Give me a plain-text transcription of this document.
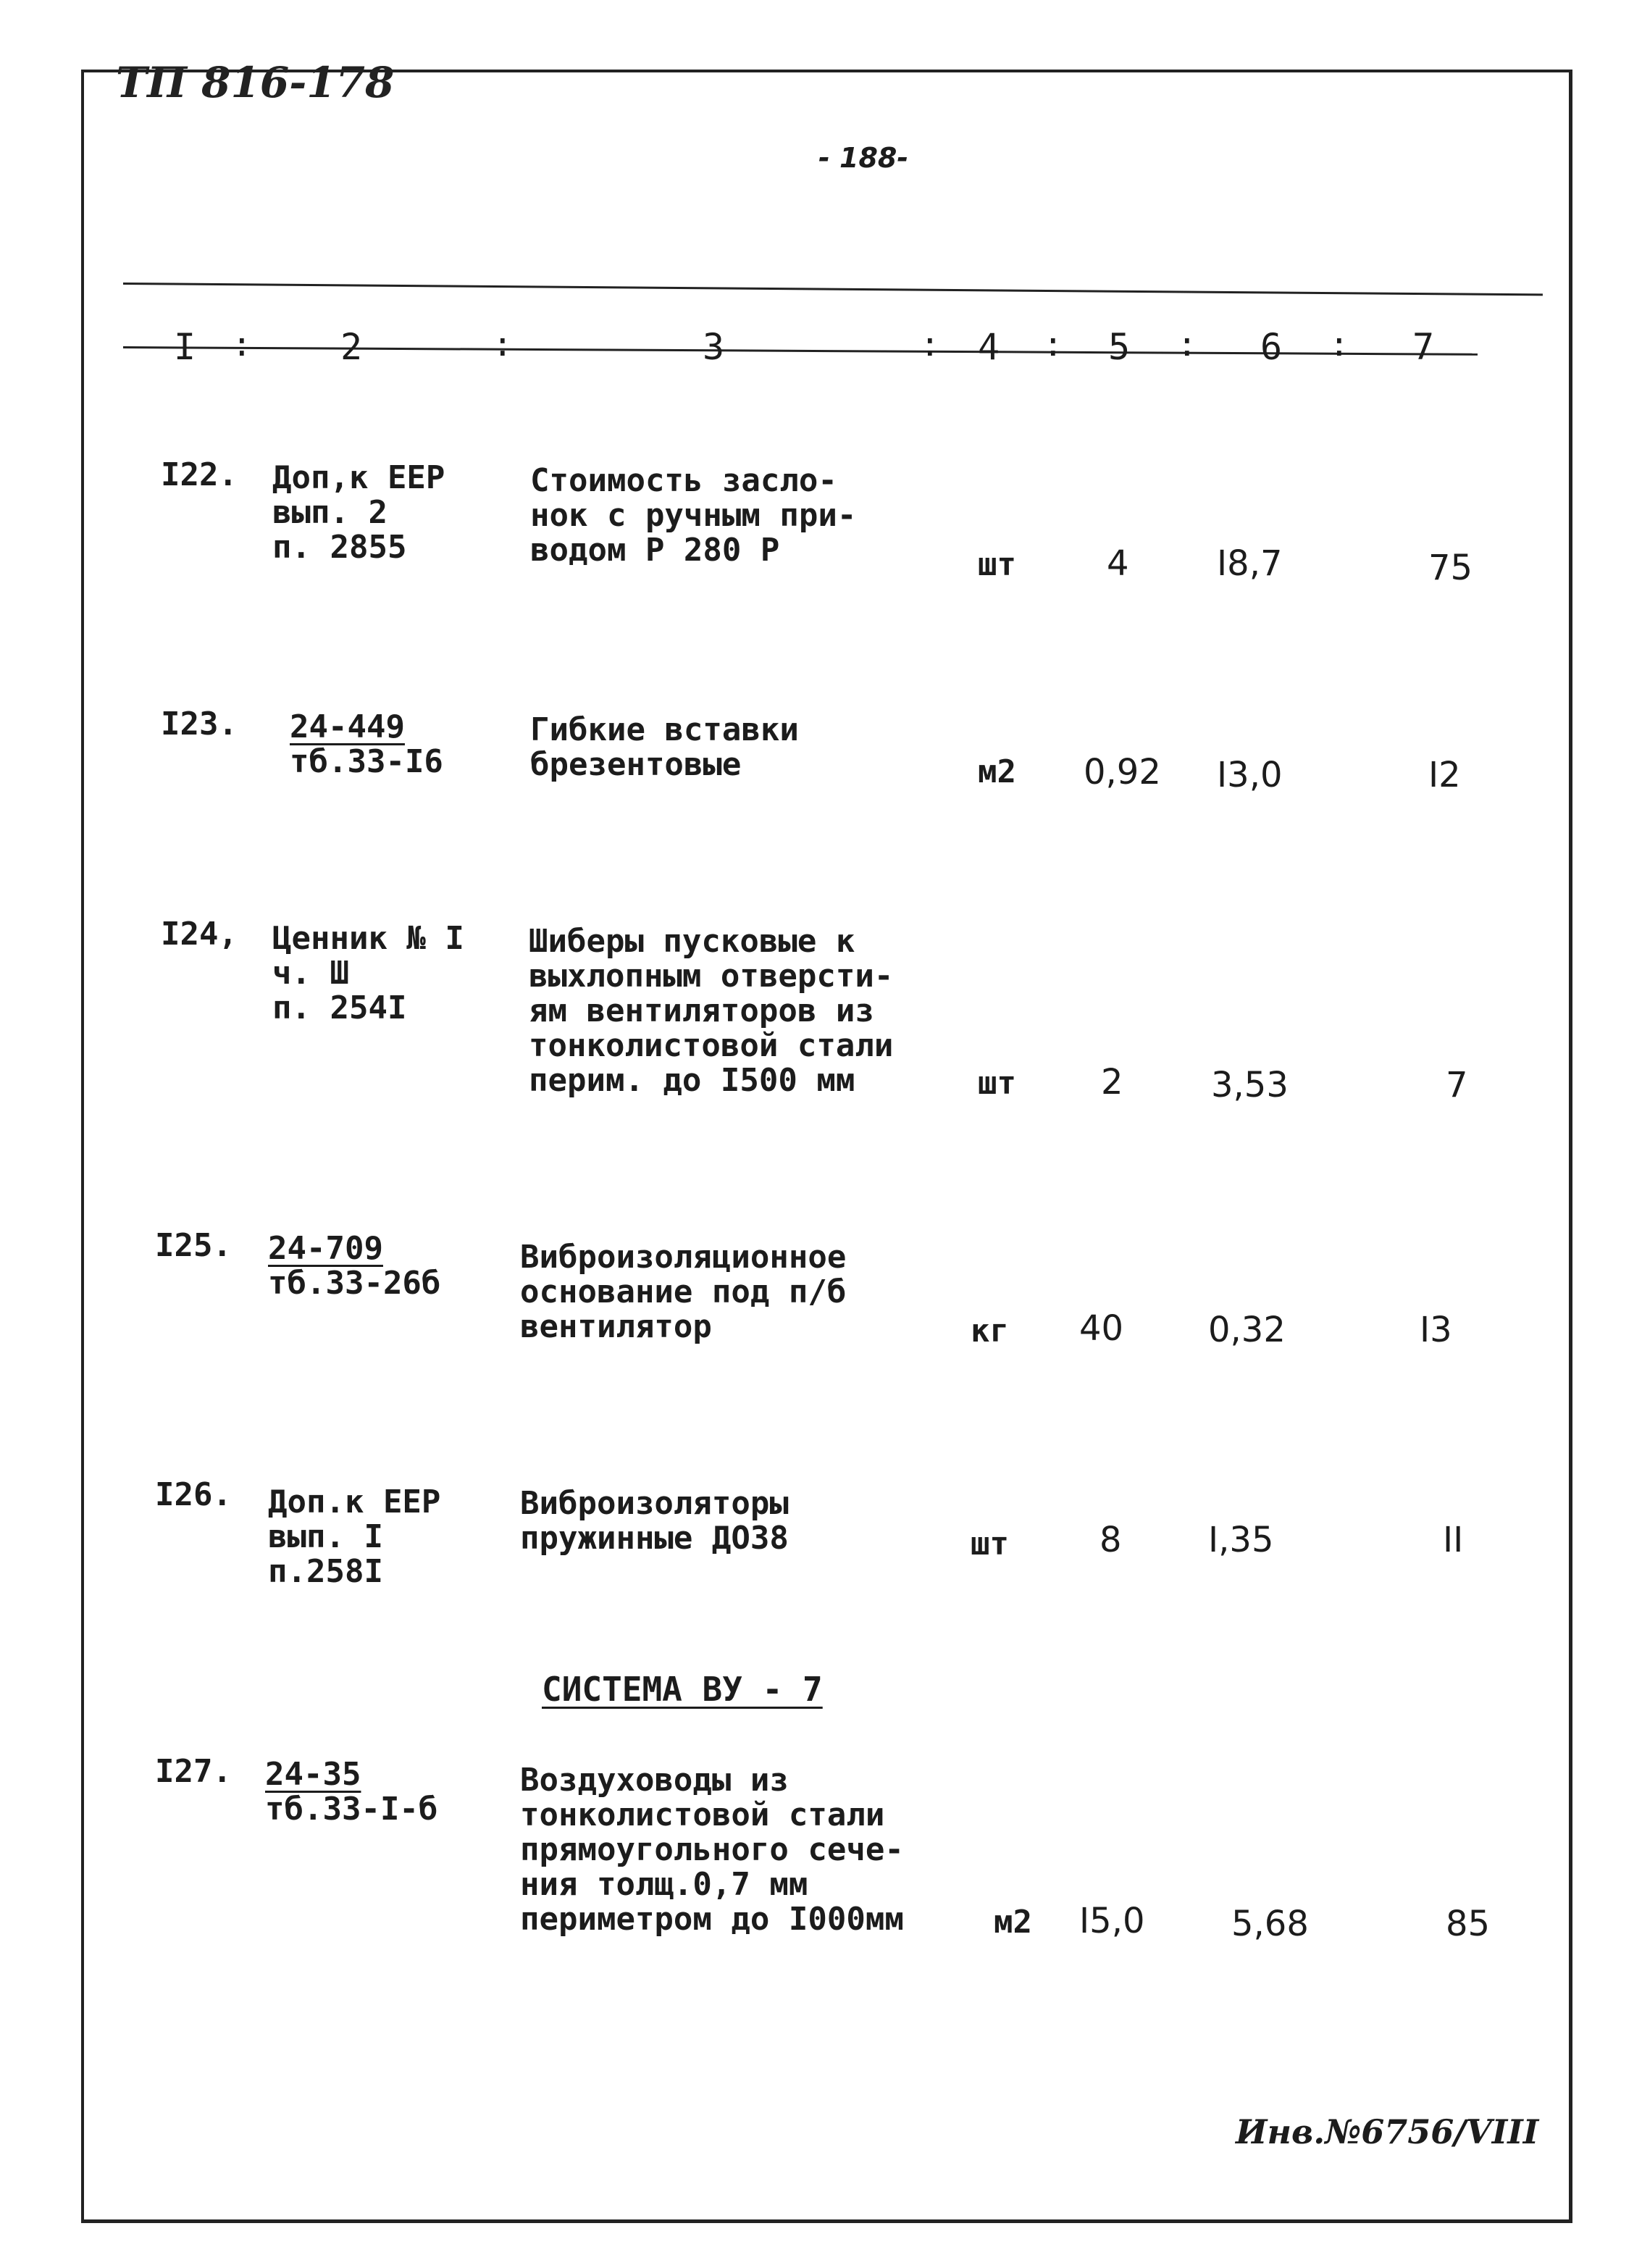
ТП 816-178
- 188-
I : 2	:	3	: 4 : 5 : 6 : 7
I22. Доп,к ЕЕР
вып. 2
п. 2855
Стоимость засло-
нок с ручным при-
водом Р 280 Р	шт	4	I8,7	75
I23. 24-449
тб.33-I6
Гибкие вставки
брезентовые	м2 0,92 I3,0	I2
I24, Ценник № I
ч. Ш
п. 254I
Шиберы пусковые к
выхлопным отверсти-
ям вентиляторов из
тонколистовой стали
перим. до I500 мм	шт 2	3,53	7
I25. 24-709
тб.33-26б
Виброизоляционное
основание под п/б
вентилятор	кг 40 0,32	I3
I26. Доп.к ЕЕР
вып. I
п.258I
Виброизоляторы
пружинные ДО38	шт	8 I,35	II
СИСТЕМА ВУ - 7
I27. 24-35
тб.33-I-б
Воздуховоды из
тонколистовой стали
прямоугольного сече-
ния толщ.0,7 мм
периметром до I000мм	м2 I5,0 5,68	85
Инв.№6756/VIII
